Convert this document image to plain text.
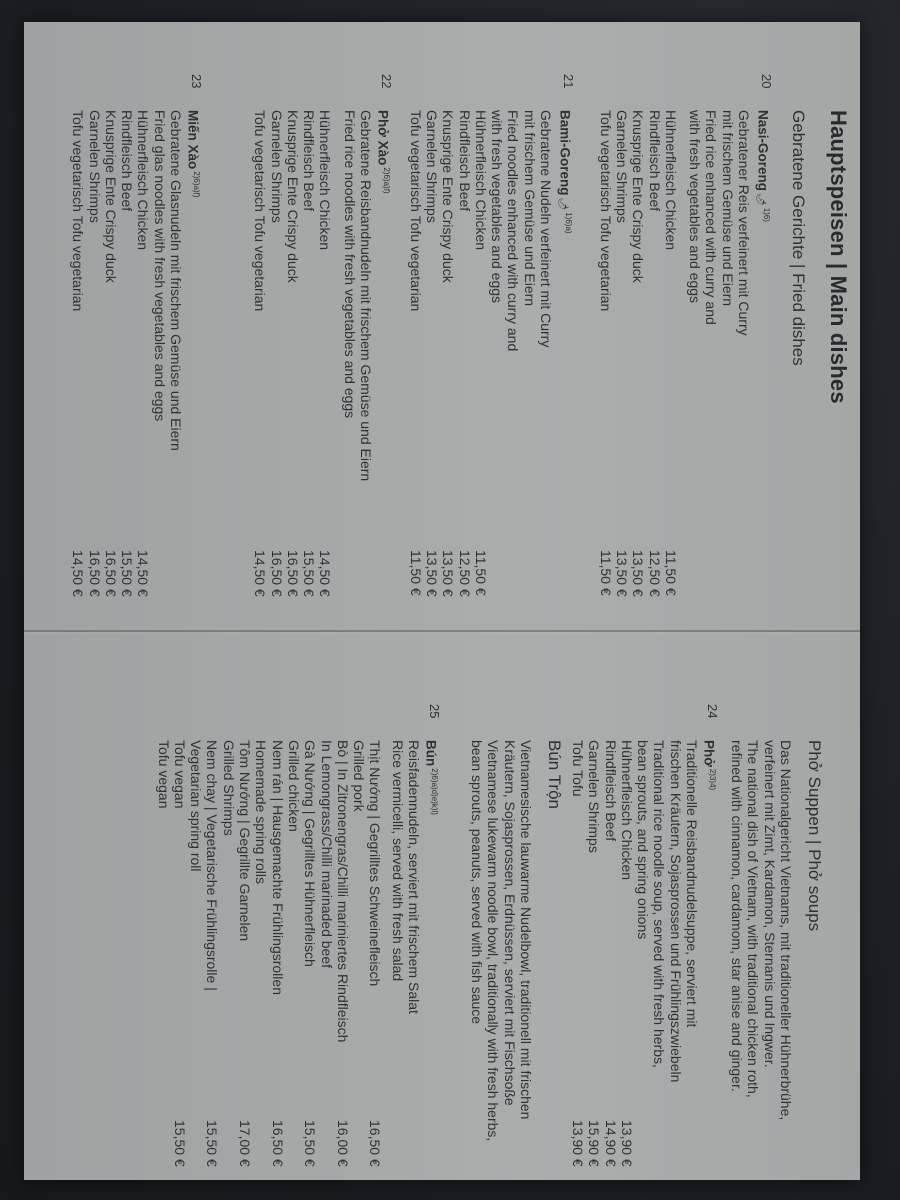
Hauptspeisen | Main dishes
Gebratene Gerichte | Fried dishes
20
Nasi-Goreng🌶$^{1)6)}$
Gebratener Reis verfeinert mit Curry
mit frischem Gemüse und Eiern
Fried rice enhanced with curry and
with fresh vegetables and eggs
Hühnerfleisch Chicken
11,50 €
Rindfleisch Beef
12,50 €
Knusprige Ente Crispy duck
13,50 €
Garnelen Shrimps
13,50 €
Tofu vegetarisch Tofu vegetarian
11,50 €
21
Bami-Goreng🌶$^{1)6)a)}$
Gebratene Nudeln verfeinert mit Curry
mit frischem Gemüse und Eiern
Fried noodles enhanced with curry and
with fresh vegetables and eggs
Hühnerfleisch Chicken
11,50 €
Rindfleisch Beef
12,50 €
Knusprige Ente Crispy duck
13,50 €
Garnelen Shrimps
13,50 €
Tofu vegetarisch Tofu vegetarian
11,50 €
22
Phở Xào$^{2)6)a)f)}$
Gebratene Reisbandnudeln mit frischem Gemüse und Eiern
Fried rice noodles with fresh vegetables and eggs
Hühnerfleisch Chicken
14,50 €
Rindfleisch Beef
15,50 €
Knusprige Ente Crispy duck
16,50 €
Garnelen Shrimps
16,50 €
Tofu vegetarisch Tofu vegetarian
14,50 €
23
Miến Xào$^{2)6)a)f)}$
Gebratene Glasnudeln mit frischem Gemüse und Eiern
Fried glas noodles with fresh vegetables and eggs
Hühnerfleisch Chicken
14,50 €
Rindfleisch Beef
15,50 €
Knusprige Ente Crispy duck
16,50 €
Garnelen Shrimps
16,50 €
Tofu vegetarisch Tofu vegetarian
14,50 €
Phở Suppen | Phở soups
Das Nationalgericht Vietnams, mit traditioneller Hühnerbrühe,
verfeinert mit Zimt, Kardamon, Sternanis und Ingwer.
The national dish of Vietnam, with traditional chicken roth,
refined with cinnamon, cardamom, star anise and ginger.
24
Phở$^{2)3)4)}$
Traditionelle Reisbandnudelsuppe, serviert mit
frischen Kräutern, Sojasprossen und Frühlingszwiebeln
Traditional rice noodle soup, served with fresh herbs,
bean sprouts, and spring onions
Hühnerfleisch Chicken
13,90 €
Rindfleisch Beef
14,90 €
Garnelen Shrimps
15,90 €
Tofu Tofu
13,90 €
Bún Trộn
Vietnamesische lauwarme Nudelbowl, traditionell mit frischen
Kräutern, Sojasprossen, Erdnüssen, serviert mit Fischsoße
Vietnamese lukewarm noodle bowl, traditionally with fresh herbs,
bean sprouts, peanuts, served with fish sauce
25
Bún$^{2)6)a)d)e)k)l)}$
Reisfadennudeln, serviert mit frischem Salat
Rice vermicelli, served with fresh salad
Thịt Nướng | Gegrilltes Schweinefleisch
16,50 €
Grilled pork
Bò | In Zitronengras/Chilli mariniertes Rindfleisch
16,00 €
In Lemongrass/Chilli marinaded beef
Gà Nướng | Gegrilltes Hühnerfleisch
15,50 €
Grilled chicken
Nem rán | Hausgemachte Frühlingsrollen
16,50 €
Homemade spring rolls
Tôm Nướng | Gegrillte Garnelen
17,00 €
Grilled Shrimps
Nem chay | Vegetarische Frühlingsrolle |
15,50 €
Vegetarian spring roll
Tofu vegan
15,50 €
Tofu vegan
